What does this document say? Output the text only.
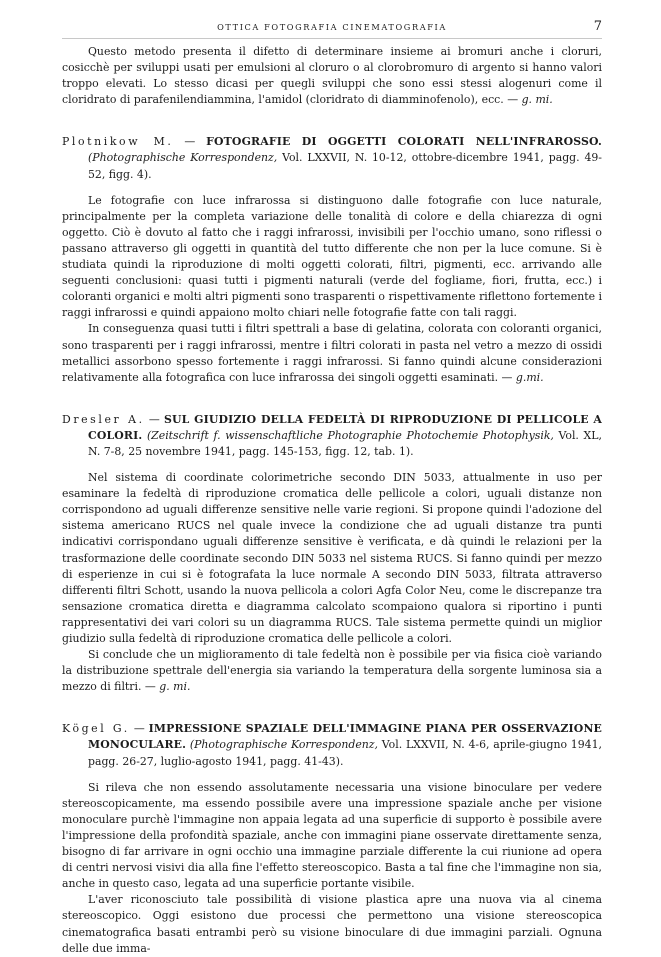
OTTICA FOTOGRAFIA CINEMATOGRAFIA	7

Questo metodo presenta il difetto di determinare insieme ai bromuri anche i cloruri, cosicchè per sviluppi usati per emulsioni al cloruro o al clorobromuro di argento si hanno valori troppo elevati. Lo stesso dicasi per quegli sviluppi che sono essi stessi alogenuri come il cloridrato di parafenilendiammina, l'amidol (cloridrato di diamminofenolo), ecc. — g. mi.

Plotnikow M. — FOTOGRAFIE DI OGGETTI COLORATI NELL'INFRAROSSO. (Photographische Korrespondenz, Vol. LXXVII, N. 10-12, ottobre-dicembre 1941, pagg. 49-52, figg. 4).

Le fotografie con luce infrarossa si distinguono dalle fotografie con luce naturale, principalmente per la completa variazione delle tonalità di colore e della chiarezza di ogni oggetto. Ciò è dovuto al fatto che i raggi infrarossi, invisibili per l'occhio umano, sono riflessi o passano attraverso gli oggetti in quantità del tutto differente che non per la luce comune. Si è studiata quindi la riproduzione di molti oggetti colorati, filtri, pigmenti, ecc. arrivando alle seguenti conclusioni: quasi tutti i pigmenti naturali (verde del fogliame, fiori, frutta, ecc.) i coloranti organici e molti altri pigmenti sono trasparenti o rispettivamente riflettono fortemente i raggi infrarossi e quindi appaiono molto chiari nelle fotografie fatte con tali raggi.

In conseguenza quasi tutti i filtri spettrali a base di gelatina, colorata con coloranti organici, sono trasparenti per i raggi infrarossi, mentre i filtri colorati in pasta nel vetro a mezzo di ossidi metallici assorbono spesso fortemente i raggi infrarossi. Si fanno quindi alcune considerazioni relativamente alla fotografica con luce infrarossa dei singoli oggetti esaminati. — g.mi.

Dresler A. — SUL GIUDIZIO DELLA FEDELTÀ DI RIPRODUZIONE DI PELLICOLE A COLORI. (Zeitschrift f. wissenschaftliche Photographie Photochemie Photophysik, Vol. XL, N. 7-8, 25 novembre 1941, pagg. 145-153, figg. 12, tab. 1).

Nel sistema di coordinate colorimetriche secondo DIN 5033, attualmente in uso per esaminare la fedeltà di riproduzione cromatica delle pellicole a colori, uguali distanze non corrispondono ad uguali differenze sensitive nelle varie regioni. Si propone quindi l'adozione del sistema americano RUCS nel quale invece la condizione che ad uguali distanze tra punti indicativi corrispondano uguali differenze sensitive è verificata, e dà quindi le relazioni per la trasformazione delle coordinate secondo DIN 5033 nel sistema RUCS. Si fanno quindi per mezzo di esperienze in cui si è fotografata la luce normale A secondo DIN 5033, filtrata attraverso differenti filtri Schott, usando la nuova pellicola a colori Agfa Color Neu, come le discrepanze tra sensazione cromatica diretta e diagramma calcolato scompaiono qualora si riportino i punti rappresentativi dei vari colori su un diagramma RUCS. Tale sistema permette quindi un miglior giudizio sulla fedeltà di riproduzione cromatica delle pellicole a colori.

Si conclude che un miglioramento di tale fedeltà non è possibile per via fisica cioè variando la distribuzione spettrale dell'energia sia variando la temperatura della sorgente luminosa sia a mezzo di filtri. — g. mi.

Kögel G. — IMPRESSIONE SPAZIALE DELL'IMMAGINE PIANA PER OSSERVAZIONE MONOCULARE. (Photographische Korrespondenz, Vol. LXXVII, N. 4-6, aprile-giugno 1941, pagg. 26-27, luglio-agosto 1941, pagg. 41-43).

Si rileva che non essendo assolutamente necessaria una visione binoculare per vedere stereoscopicamente, ma essendo possibile avere una impressione spaziale anche per visione monoculare purchè l'immagine non appaia legata ad una superficie di supporto è possibile avere l'impressione della profondità spaziale, anche con immagini piane osservate direttamente senza, bisogno di far arrivare in ogni occhio una immagine parziale differente la cui riunione ad opera di centri nervosi visivi dia alla fine l'effetto stereoscopico. Basta a tal fine che l'immagine non sia, anche in questo caso, legata ad una superficie portante visibile.

L'aver riconosciuto tale possibilità di visione plastica apre una nuova via al cinema stereoscopico. Oggi esistono due processi che permettono una visione stereoscopica cinematografica basati entrambi però su visione binoculare di due immagini parziali. Ognuna delle due imma-
